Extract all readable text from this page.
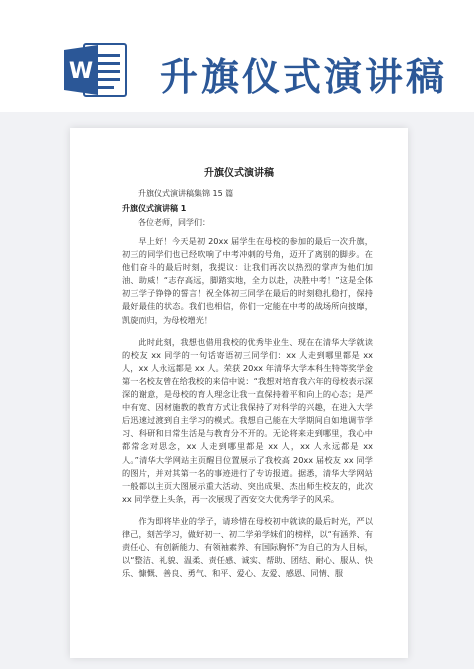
W 升旗仪式演讲稿
升旗仪式演讲稿
升旗仪式演讲稿集锦 15 篇
升旗仪式演讲稿 1
各位老师，同学们：

早上好！今天是初 20xx 届学生在母校的参加的最后一次升旗，初三的同学们也已经吹响了中考冲刺的号角，迈开了离别的脚步。在他们奋斗的最后时刻，我提议：让我们再次以热烈的掌声为他们加油、助威！“志存高远，脚踏实地，全力以赴，决胜中考！”这是全体初三学子铮铮的誓言！祝全体初三同学在最后的时刻稳扎稳打，保持最好最佳的状态。我们也相信，你们一定能在中考的战场所向披靡，凯旋而归，为母校增光！

此时此刻，我想也借用我校的优秀毕业生、现在在清华大学就读的校友 xx 同学的一句话寄语初三同学们：xx 人走到哪里都是 xx 人，xx 人永远都是 xx 人。荣获 20xx 年清华大学本科生特等奖学金第一名校友曾在给我校的来信中说：“我想对培育我六年的母校表示深深的谢意，是母校的育人理念让我一直保持着平和向上的心态；是严中有宽、因材施教的教育方式让我保持了对科学的兴趣，在进入大学后迅速过渡到自主学习的模式。我想自己能在大学期间自如地调节学习、科研和日常生活是与教育分不开的。无论将来走到哪里，我心中都常念对思念，xx 人走到哪里都是 xx 人，xx 人永远都是 xx 人。”清华大学网站主页醒目位置展示了我校高 20xx 届校友 xx 同学的图片，并对其第一名的事迹进行了专访报道。据悉，清华大学网站一般都以主页大图展示重大活动、突出成果、杰出师生校友的，此次 xx 同学登上头条，再一次展现了西安交大优秀学子的风采。

作为即将毕业的学子，请珍惜在母校初中就读的最后时光，严以律己，刻苦学习，做好初一、初二学弟学妹们的榜样，以“有涵养、有责任心、有创新能力、有领袖素养、有国际胸怀”为自己的为人目标，以“整洁、礼貌、温柔、责任感、诚实、帮助、团结、耐心、服从、快乐、慷慨、善良、勇气、和平、爱心、友爱、感恩、同情、服
